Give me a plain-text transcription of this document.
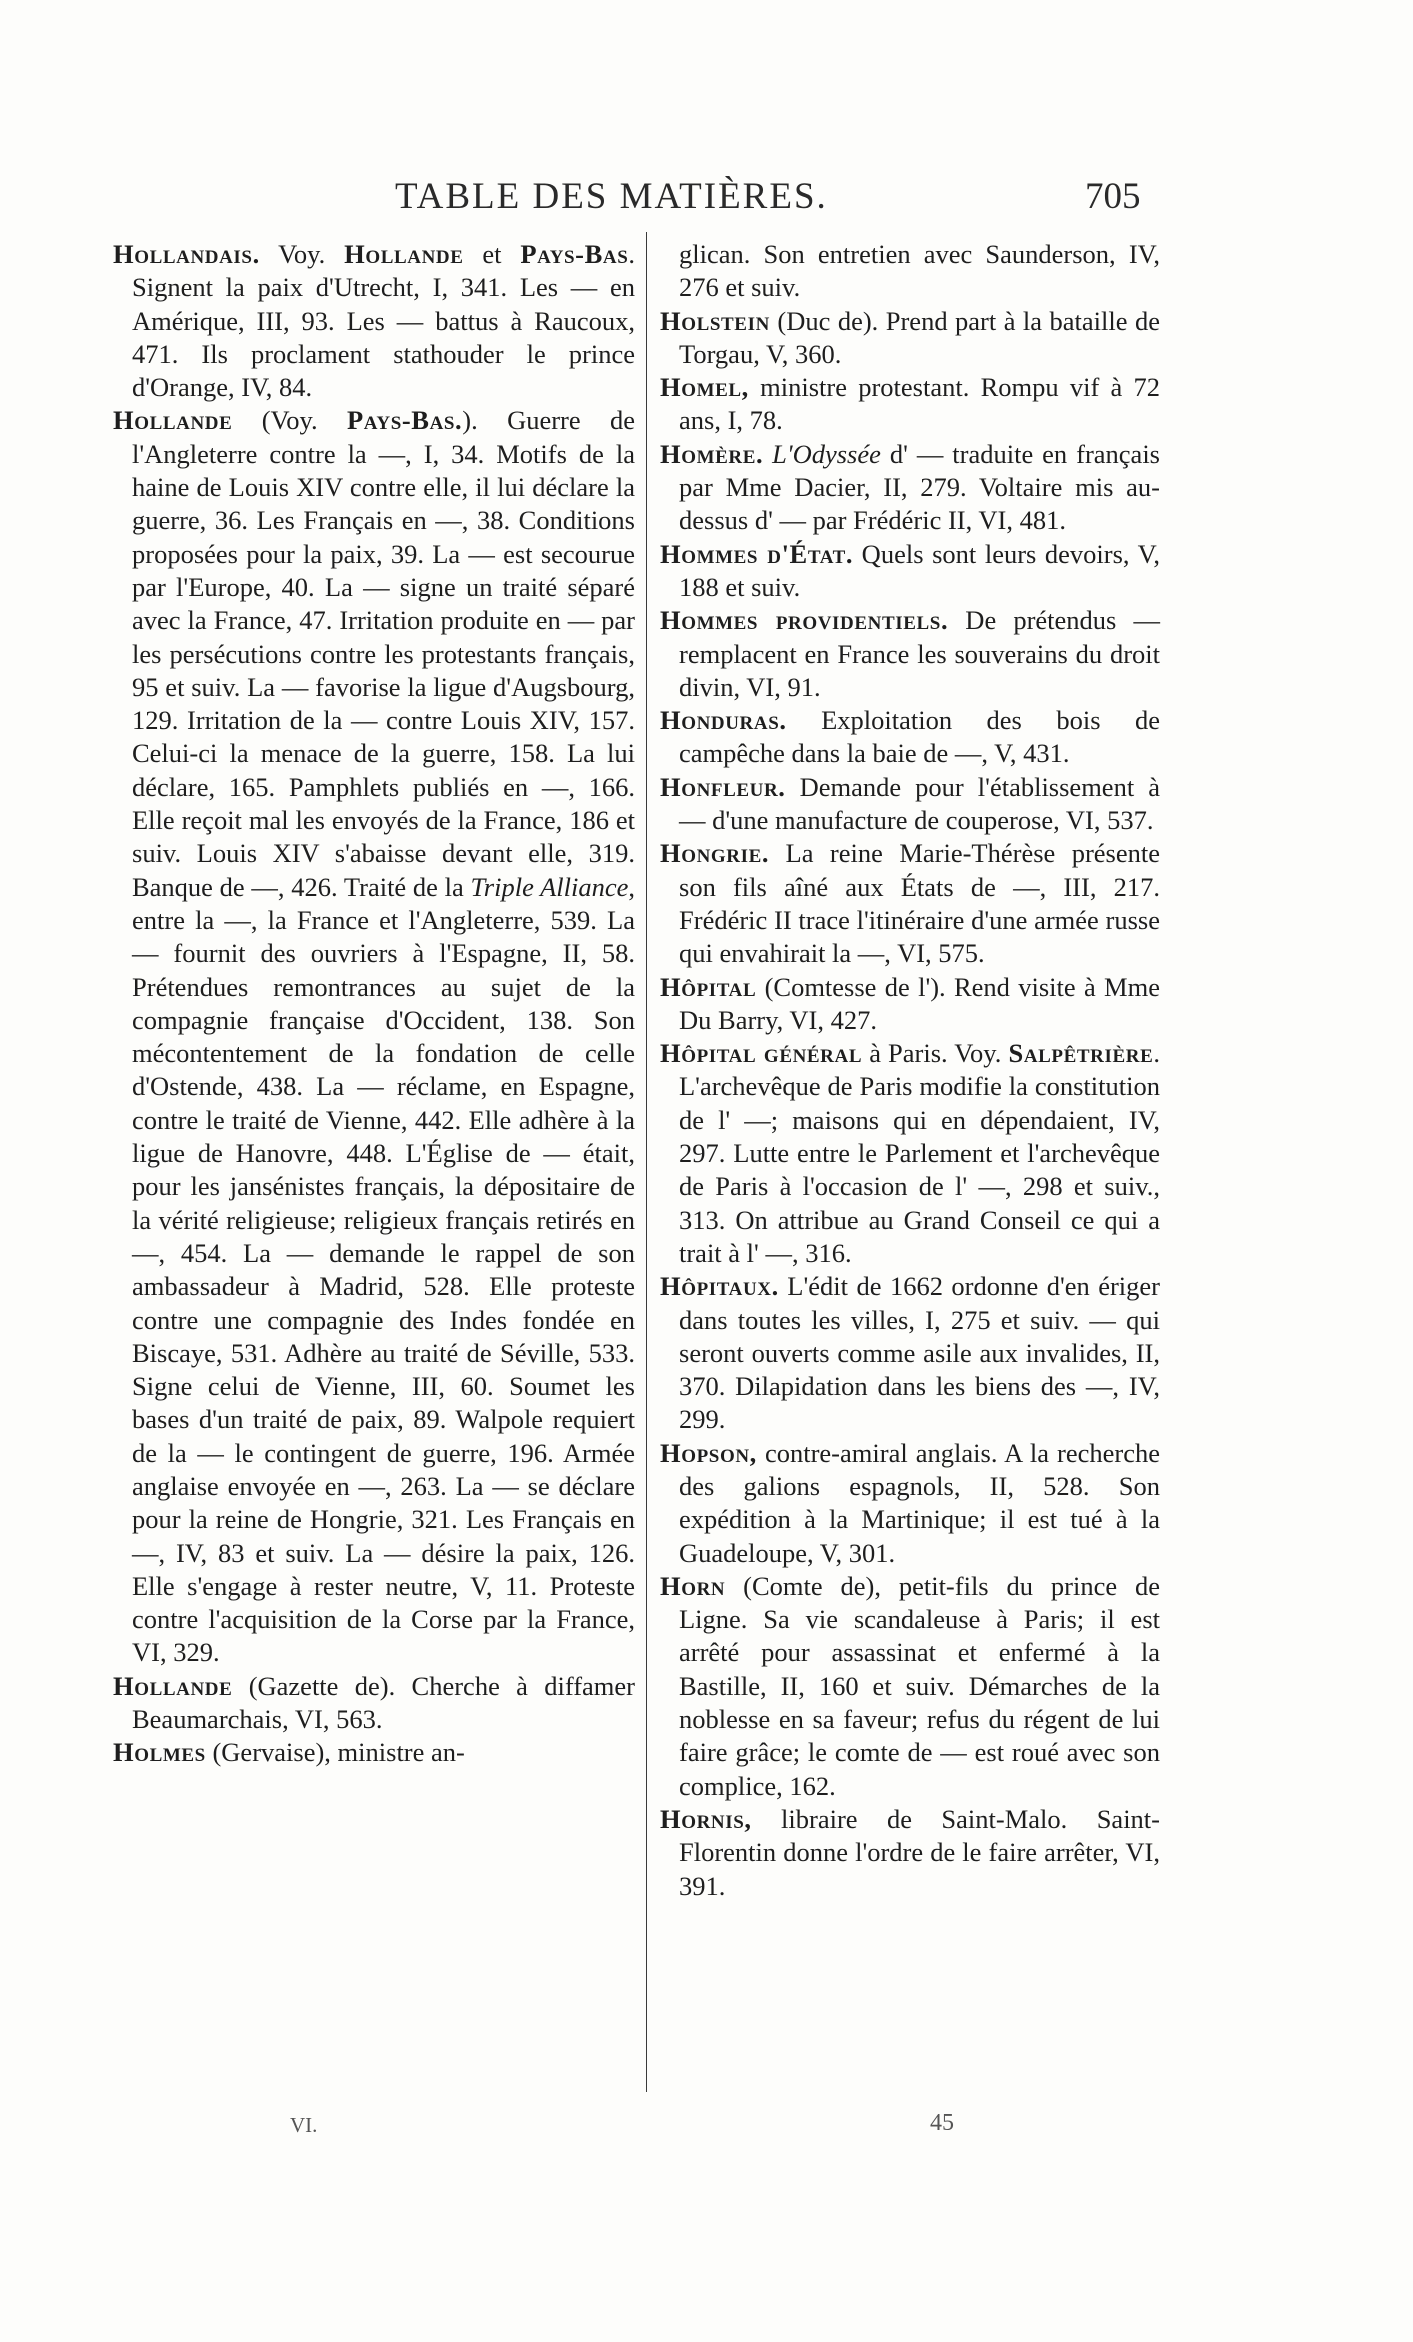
TABLE DES MATIÈRES.	705

Hollandais. Voy. Hollande et Pays-Bas. Signent la paix d'Utrecht, I, 341. Les — en Amérique, III, 93. Les — battus à Raucoux, 471. Ils proclament stathouder le prince d'Orange, IV, 84.

Hollande (Voy. Pays-Bas.). Guerre de l'Angleterre contre la —, I, 34. Motifs de la haine de Louis XIV contre elle, il lui déclare la guerre, 36. Les Français en —, 38. Conditions proposées pour la paix, 39. La — est secourue par l'Europe, 40. La — signe un traité séparé avec la France, 47. Irritation produite en — par les persécutions contre les protestants français, 95 et suiv. La — favorise la ligue d'Augsbourg, 129. Irritation de la — contre Louis XIV, 157. Celui-ci la menace de la guerre, 158. La lui déclare, 165. Pamphlets publiés en —, 166. Elle reçoit mal les envoyés de la France, 186 et suiv. Louis XIV s'abaisse devant elle, 319. Banque de —, 426. Traité de la Triple Alliance, entre la —, la France et l'Angleterre, 539. La — fournit des ouvriers à l'Espagne, II, 58. Prétendues remontrances au sujet de la compagnie française d'Occident, 138. Son mécontentement de la fondation de celle d'Ostende, 438. La — réclame, en Espagne, contre le traité de Vienne, 442. Elle adhère à la ligue de Hanovre, 448. L'Église de — était, pour les jansénistes français, la dépositaire de la vérité religieuse; religieux français retirés en —, 454. La — demande le rappel de son ambassadeur à Madrid, 528. Elle proteste contre une compagnie des Indes fondée en Biscaye, 531. Adhère au traité de Séville, 533. Signe celui de Vienne, III, 60. Soumet les bases d'un traité de paix, 89. Walpole requiert de la — le contingent de guerre, 196. Armée anglaise envoyée en —, 263. La — se déclare pour la reine de Hongrie, 321. Les Français en —, IV, 83 et suiv. La — désire la paix, 126. Elle s'engage à rester neutre, V, 11. Proteste contre l'acquisition de la Corse par la France, VI, 329.

Hollande (Gazette de). Cherche à diffamer Beaumarchais, VI, 563.

Holmes (Gervaise), ministre an-

glican. Son entretien avec Saunderson, IV, 276 et suiv.

Holstein (Duc de). Prend part à la bataille de Torgau, V, 360.

Homel, ministre protestant. Rompu vif à 72 ans, I, 78.

Homère. L'Odyssée d' — traduite en français par Mme Dacier, II, 279. Voltaire mis au-dessus d' — par Frédéric II, VI, 481.

Hommes d'État. Quels sont leurs devoirs, V, 188 et suiv.

Hommes providentiels. De prétendus — remplacent en France les souverains du droit divin, VI, 91.

Honduras. Exploitation des bois de campêche dans la baie de —, V, 431.

Honfleur. Demande pour l'établissement à — d'une manufacture de couperose, VI, 537.

Hongrie. La reine Marie-Thérèse présente son fils aîné aux États de —, III, 217. Frédéric II trace l'itinéraire d'une armée russe qui envahirait la —, VI, 575.

Hôpital (Comtesse de l'). Rend visite à Mme Du Barry, VI, 427.

Hôpital général à Paris. Voy. Salpêtrière. L'archevêque de Paris modifie la constitution de l' —; maisons qui en dépendaient, IV, 297. Lutte entre le Parlement et l'archevêque de Paris à l'occasion de l' —, 298 et suiv., 313. On attribue au Grand Conseil ce qui a trait à l' —, 316.

Hôpitaux. L'édit de 1662 ordonne d'en ériger dans toutes les villes, I, 275 et suiv. — qui seront ouverts comme asile aux invalides, II, 370. Dilapidation dans les biens des —, IV, 299.

Hopson, contre-amiral anglais. A la recherche des galions espagnols, II, 528. Son expédition à la Martinique; il est tué à la Guadeloupe, V, 301.

Horn (Comte de), petit-fils du prince de Ligne. Sa vie scandaleuse à Paris; il est arrêté pour assassinat et enfermé à la Bastille, II, 160 et suiv. Démarches de la noblesse en sa faveur; refus du régent de lui faire grâce; le comte de — est roué avec son complice, 162.

Hornis, libraire de Saint-Malo. Saint-Florentin donne l'ordre de le faire arrêter, VI, 391.

VI.	45
